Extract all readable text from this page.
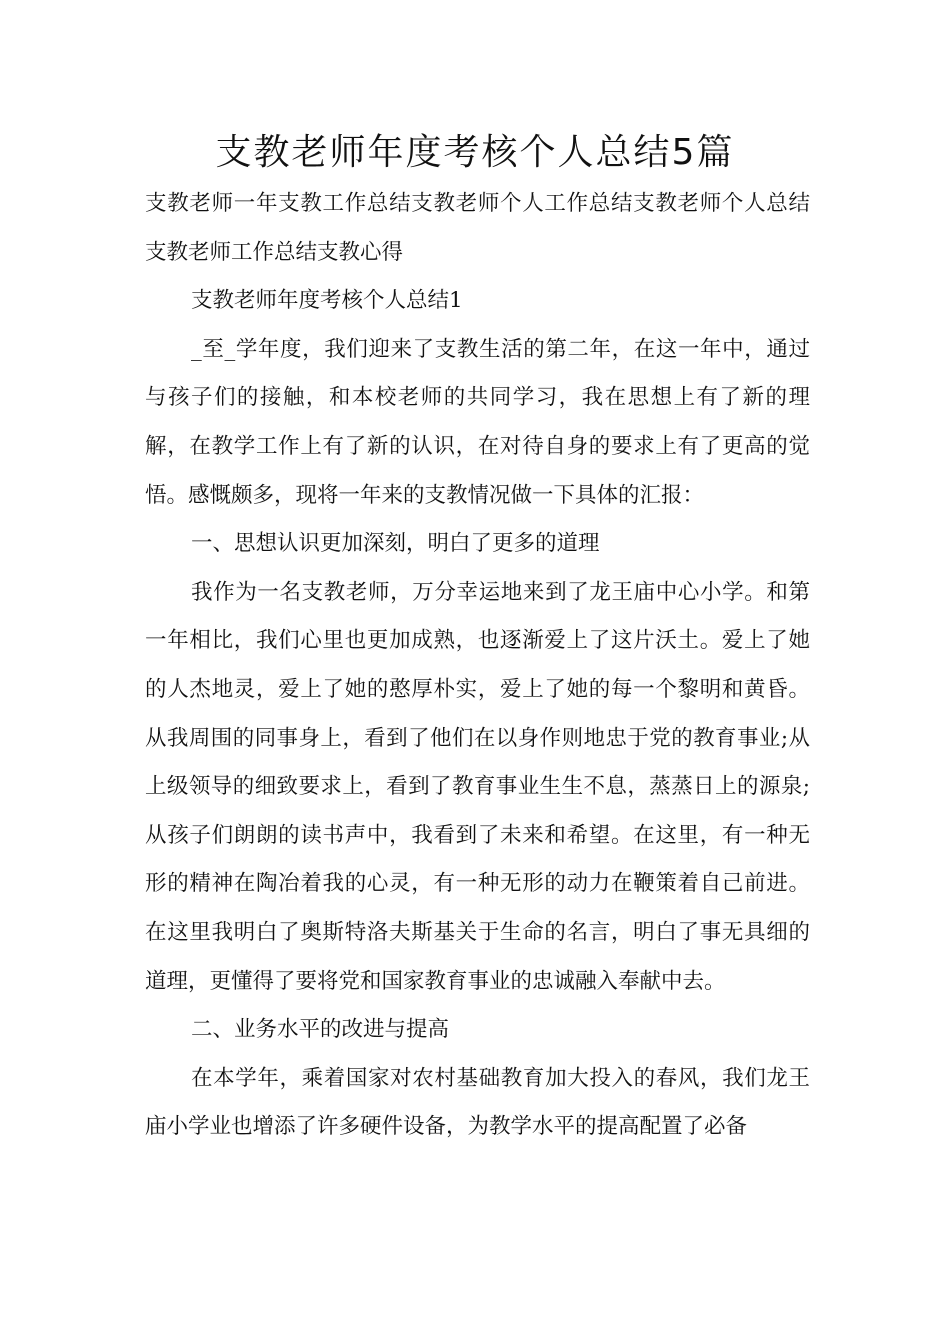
支教老师年度考核个人总结5篇

支教老师一年支教工作总结支教老师个人工作总结支教老师个人总结支教老师工作总结支教心得

支教老师年度考核个人总结1

_至_学年度，我们迎来了支教生活的第二年，在这一年中，通过与孩子们的接触，和本校老师的共同学习，我在思想上有了新的理解，在教学工作上有了新的认识，在对待自身的要求上有了更高的觉悟。感慨颇多，现将一年来的支教情况做一下具体的汇报：

一、思想认识更加深刻，明白了更多的道理

我作为一名支教老师，万分幸运地来到了龙王庙中心小学。和第一年相比，我们心里也更加成熟，也逐渐爱上了这片沃土。爱上了她的人杰地灵，爱上了她的憨厚朴实，爱上了她的每一个黎明和黄昏。从我周围的同事身上，看到了他们在以身作则地忠于党的教育事业;从上级领导的细致要求上，看到了教育事业生生不息，蒸蒸日上的源泉;从孩子们朗朗的读书声中，我看到了未来和希望。在这里，有一种无形的精神在陶冶着我的心灵，有一种无形的动力在鞭策着自己前进。在这里我明白了奥斯特洛夫斯基关于生命的名言，明白了事无具细的道理，更懂得了要将党和国家教育事业的忠诚融入奉献中去。

二、业务水平的改进与提高

在本学年，乘着国家对农村基础教育加大投入的春风，我们龙王庙小学业也增添了许多硬件设备，为教学水平的提高配置了必备
